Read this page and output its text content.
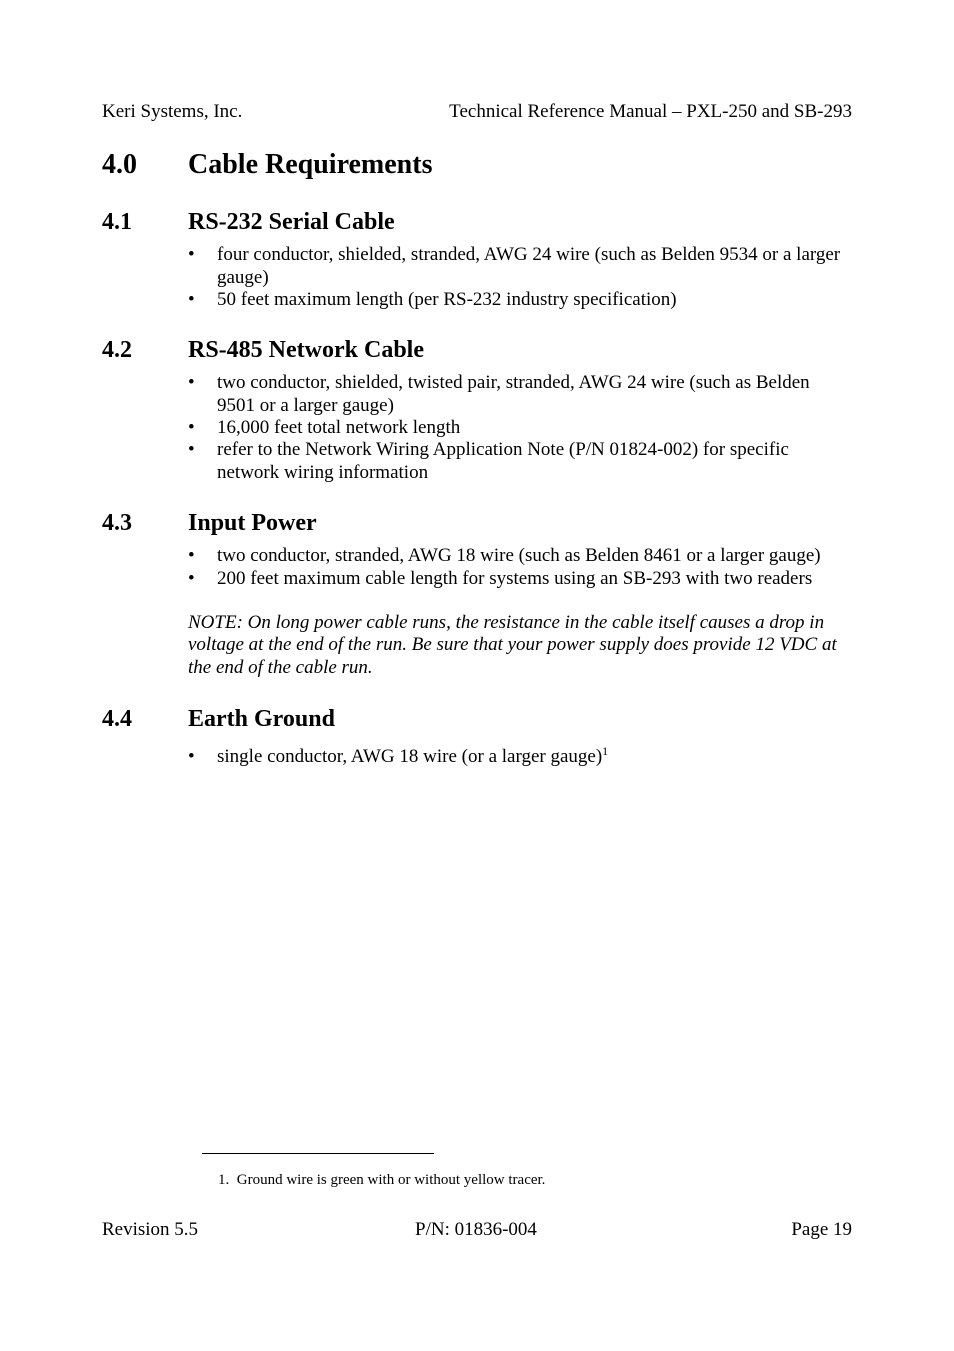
Keri Systems, Inc.	Technical Reference Manual – PXL-250 and SB-293
4.0 Cable Requirements
4.1 RS-232 Serial Cable
• four conductor, shielded, stranded, AWG 24 wire (such as Belden 9534 or a larger gauge)
• 50 feet maximum length (per RS-232 industry specification)
4.2 RS-485 Network Cable
• two conductor, shielded, twisted pair, stranded, AWG 24 wire (such as Belden 9501 or a larger gauge)
• 16,000 feet total network length
• refer to the Network Wiring Application Note (P/N 01824-002) for specific network wiring information
4.3 Input Power
• two conductor, stranded, AWG 18 wire (such as Belden 8461 or a larger gauge)
• 200 feet maximum cable length for systems using an SB-293 with two readers
NOTE: On long power cable runs, the resistance in the cable itself causes a drop in voltage at the end of the run. Be sure that your power supply does provide 12 VDC at the end of the cable run.
4.4 Earth Ground
• single conductor, AWG 18 wire (or a larger gauge)$^1$
1. Ground wire is green with or without yellow tracer.
Revision 5.5	P/N: 01836-004	Page 19
